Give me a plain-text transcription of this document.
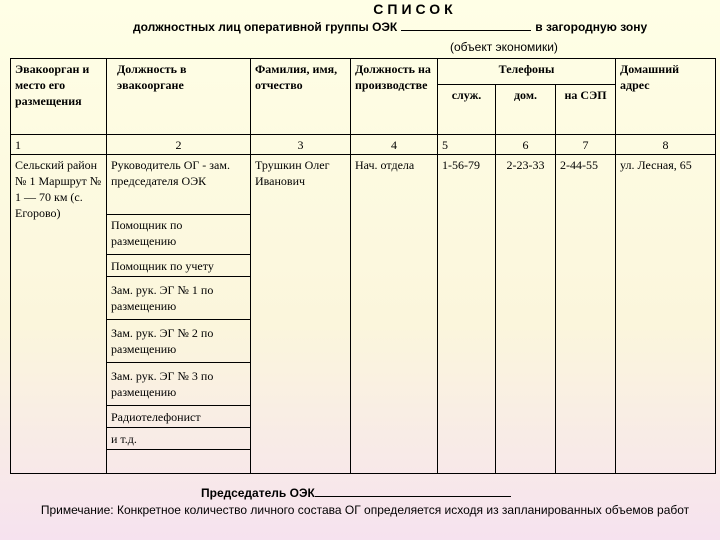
СПИСОК
должностных лиц оперативной группы ОЭК	в загородную зону
(объект экономики)
Эвакоорган и место его размещения	Должность в эвакооргане	Фамилия, имя, отчество	Должность на производстве	Телефоны			Домашний адрес
				служ.	дом.	на СЭП	
1	2	3	4	5	6	7	8
Сельский район № 1 Маршрут № 1 — 70 км (с. Егорово)	Руководитель ОГ - зам. председателя ОЭК	Трушкин Олег Иванович	Нач. отдела	1-56-79	2-23-33	2-44-55	ул. Лесная, 65
	Помощник по размещению						
	Помощник по учету						
	Зам. рук. ЭГ № 1 по размещению						
	Зам. рук. ЭГ № 2 по размещению						
	Зам. рук. ЭГ № 3 по размещению						
	Радиотелефонист						
	и т.д.						

Председатель ОЭК
Примечание: Конкретное количество личного состава ОГ определяется исходя из запланированных объемов работ
